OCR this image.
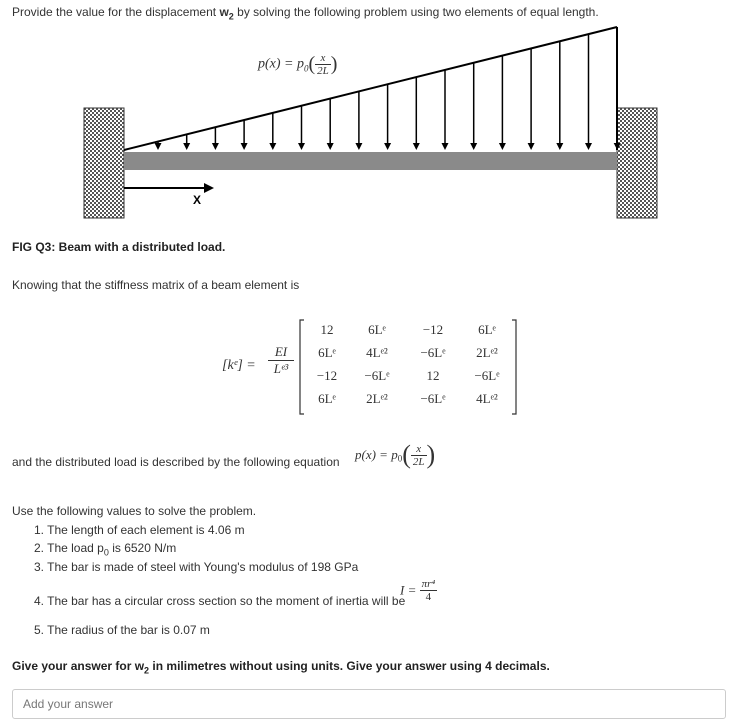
Provide the value for the displacement $w_2$ by solving the following problem using two elements of equal length.
$p(x) = p_0( \frac{x}{2L}$ )
X
FIG Q3: Beam with a distributed load.
Knowing that the stiffness matrix of a beam element is
[kᵉ] = $\frac{EI}{\text{Lᵉ³}}$
12	6Lᵉ	−12	6Lᵉ
6Lᵉ	4Lᵉ²	−6Lᵉ	2Lᵉ²
−12	−6Lᵉ	12	−6Lᵉ
6Lᵉ	2Lᵉ²	−6Lᵉ	4Lᵉ²
and the distributed load is described by the following equation $p(x) = p_0( \frac{x}{2L}$ )
Use the following values to solve the problem.
1. The length of each element is 4.06 m
2. The load $p_0$ is 6520 N/m
3. The bar is made of steel with Young's modulus of 198 GPa
4. The bar has a circular cross section so the moment of inertia will be
$I = \frac{\text{πr⁴}}{4}$
5. The radius of the bar is 0.07 m
Give your answer for $w_2$ in milimetres without using units. Give your answer using 4 decimals.
Add your answer
